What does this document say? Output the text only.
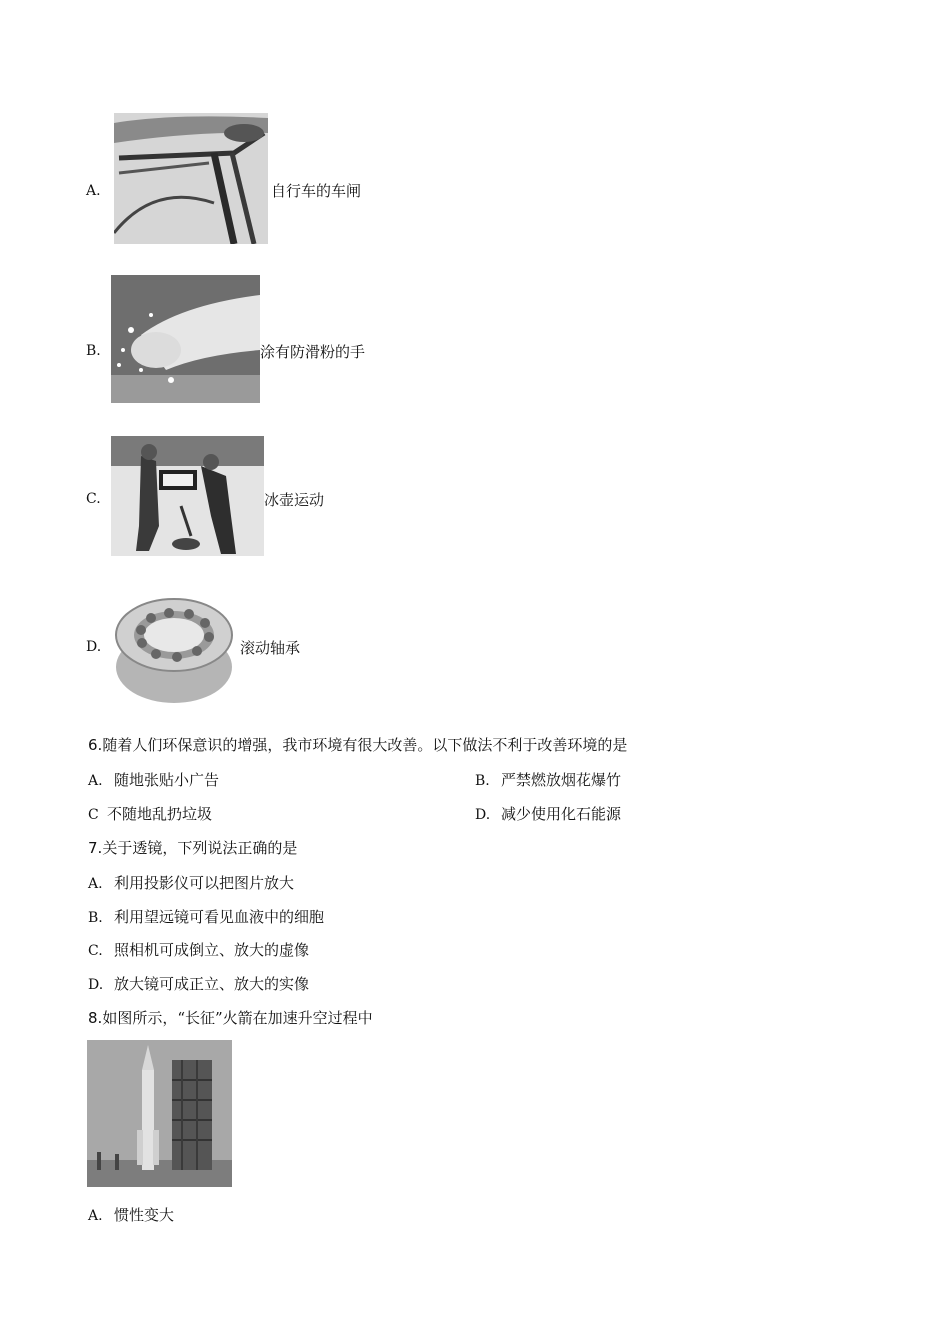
A.	自行车的车闸
B.	涂有防滑粉的手
C.	冰壶运动
D.	滚动轴承
6.随着人们环保意识的增强，我市环境有很大改善。以下做法不利于改善环境的是
A. 随地张贴小广告	B. 严禁燃放烟花爆竹
C 不随地乱扔垃圾	D. 减少使用化石能源
7.关于透镜，下列说法正确的是
A. 利用投影仪可以把图片放大
B. 利用望远镜可看见血液中的细胞
C. 照相机可成倒立、放大的虚像
D. 放大镜可成正立、放大的实像
8.如图所示，“长征”火箭在加速升空过程中
A. 惯性变大
